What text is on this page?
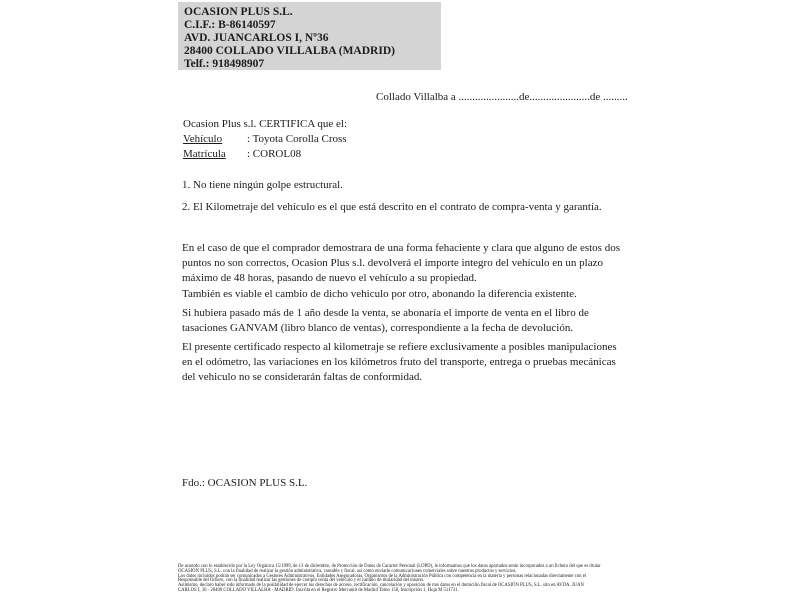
OCASION PLUS S.L.
C.I.F.: B-86140597
AVD. JUANCARLOS I, Nº36
28400 COLLADO VILLALBA (MADRID)
Telf.: 918498907
Collado Villalba a ......................de......................de .........
Ocasion Plus s.l. CERTIFICA que el:
Vehículo : Toyota Corolla Cross
Matrícula : COROL08
1. No tiene ningún golpe estructural.
2. El Kilometraje del vehículo es el que está descrito en el contrato de compra-venta y garantía.
En el caso de que el comprador demostrara de una forma fehaciente y clara que alguno de estos dos puntos no son correctos, Ocasion Plus s.l. devolverá el importe integro del vehículo en un plazo máximo de 48 horas, pasando de nuevo el vehículo a su propiedad.
También es viable el cambio de dicho vehiculo por otro, abonando la diferencia existente.
Si hubiera pasado más de 1 año desde la venta, se abonaría el importe de venta en el libro de tasaciones GANVAM (libro blanco de ventas), correspondiente a la fecha de devolución.
El presente certificado respecto al kilometraje se refiere exclusivamente a posibles manipulaciones en el odómetro, las variaciones en los kilómetros fruto del transporte, entrega o pruebas mecánicas del vehiculo no se considerarán faltas de conformidad.
Fdo.: OCASION PLUS S.L.
De acuerdo con lo establecido por la Ley Orgánica 15/1999, de 13 de diciembre, de Protección de Datos de Carácter Personal (LOPD), le informamos que los datos aportados serán incorporados a un fichero del que es titular
OCASIÓN PLUS, S.L. con la finalidad de realizar la gestión administrativa, contable y fiscal, así como enviarle comunicaciones comerciales sobre nuestros productos y servicios.
Los datos incluidos podrán ser comunicados a Gestores Administrativos, Entidades Aseguradoras, Organismos de la Administración Pública con competencia en la materia y personas relacionadas directamente con el
Responsable del fichero, con la finalidad realizar las gestiones de compra venta del vehículo y el cambio de titularidad del mismo.
Asimismo, declaro haber sido informado de la posibilidad de ejercer los derechos de acceso, rectificación, cancelación y oposición de mis datos en el domicilio fiscal de OCASIÓN PLUS, S.L. sito en AVDA. JUAN
CARLOS I, 36 - 28400 COLLADO VILLALBA - MADRID. Inscrita en el Registro Mercantil de Madrid Tomo 150, Inscripción 1, Hoja M 511731.
